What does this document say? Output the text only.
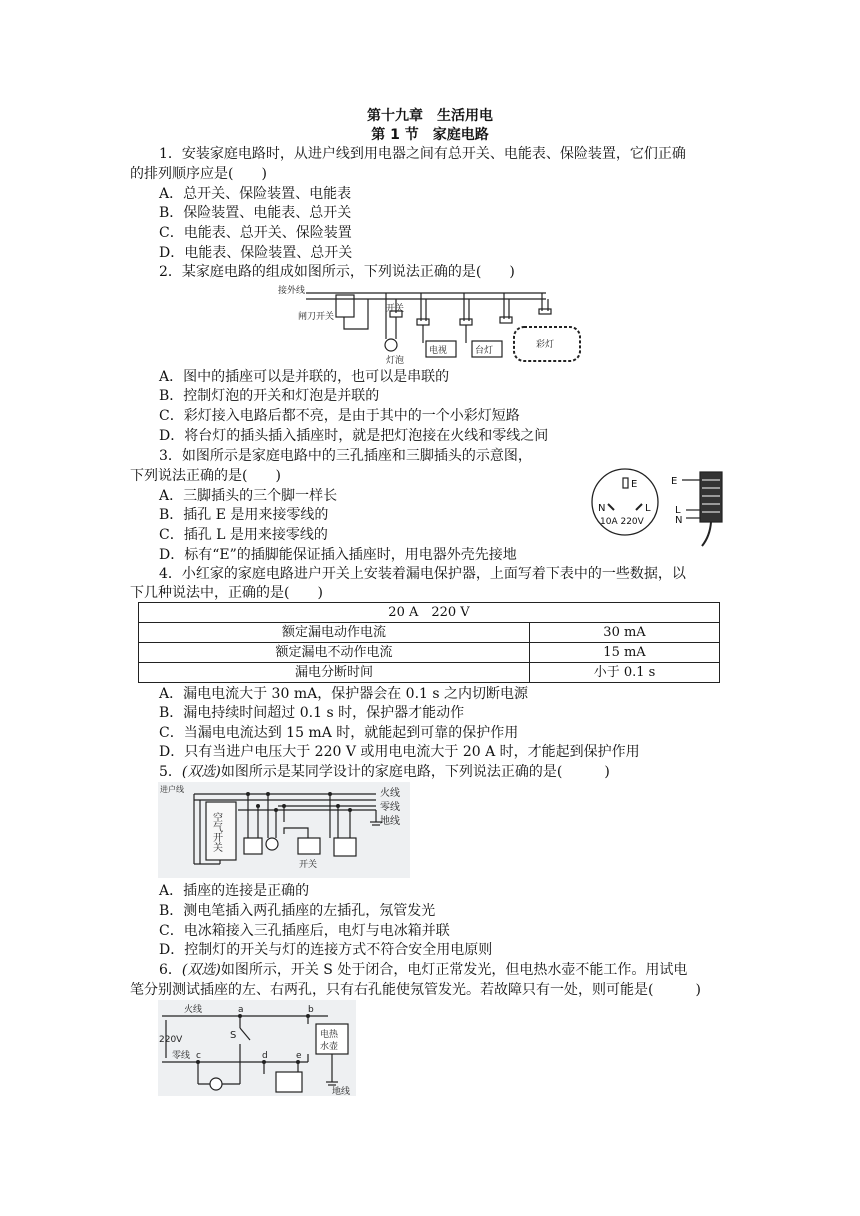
第十九章　生活用电
第 1 节　家庭电路
1．安装家庭电路时，从进户线到用电器之间有总开关、电能表、保险装置，它们正确
的排列顺序应是(　　)
A．总开关、保险装置、电能表
B．保险装置、电能表、总开关
C．电能表、总开关、保险装置
D．电能表、保险装置、总开关
2．某家庭电路的组成如图所示，下列说法正确的是(　　)
接外线
闸刀开关
开关
灯泡
电视	台灯
彩灯
A．图中的插座可以是并联的，也可以是串联的
B．控制灯泡的开关和灯泡是并联的
C．彩灯接入电路后都不亮，是由于其中的一个小彩灯短路
D．将台灯的插头插入插座时，就是把灯泡接在火线和零线之间
3．如图所示是家庭电路中的三孔插座和三脚插头的示意图，
下列说法正确的是(　　)
A．三脚插头的三个脚一样长
B．插孔 E 是用来接零线的
C．插孔 L 是用来接零线的
D．标有“E”的插脚能保证插入插座时，用电器外壳先接地
E
N	L
10A 220V
E
L
N
4．小红家的家庭电路进户开关上安装着漏电保护器，上面写着下表中的一些数据，以
下几种说法中，正确的是(　　)
20 A　220 V	
额定漏电动作电流	30 mA
额定漏电不动作电流	15 mA
漏电分断时间	小于 0.1 s
A．漏电电流大于 30 mA，保护器会在 0.1 s 之内切断电源
B．漏电持续时间超过 0.1 s 时，保护器才能动作
C．当漏电电流达到 15 mA 时，就能起到可靠的保护作用
D．只有当进户电压大于 220 V 或用电电流大于 20 A 时，才能起到保护作用
5．(双选)如图所示是某同学设计的家庭电路，下列说法正确的是(　　　)
进户线	火线
零线
地线
空气开关
开关
A．插座的连接是正确的
B．测电笔插入两孔插座的左插孔，氖管发光
C．电冰箱接入三孔插座后，电灯与电冰箱并联
D．控制灯的开关与灯的连接方式不符合安全用电原则
6．(双选)如图所示，开关 S 处于闭合，电灯正常发光，但电热水壶不能工作。用试电
笔分别测试插座的左、右两孔，只有右孔能使氖管发光。若故障只有一处，则可能是(　　　)
火线
零线
地线
220V	S
a	b
c	d	e
电热
水壶
